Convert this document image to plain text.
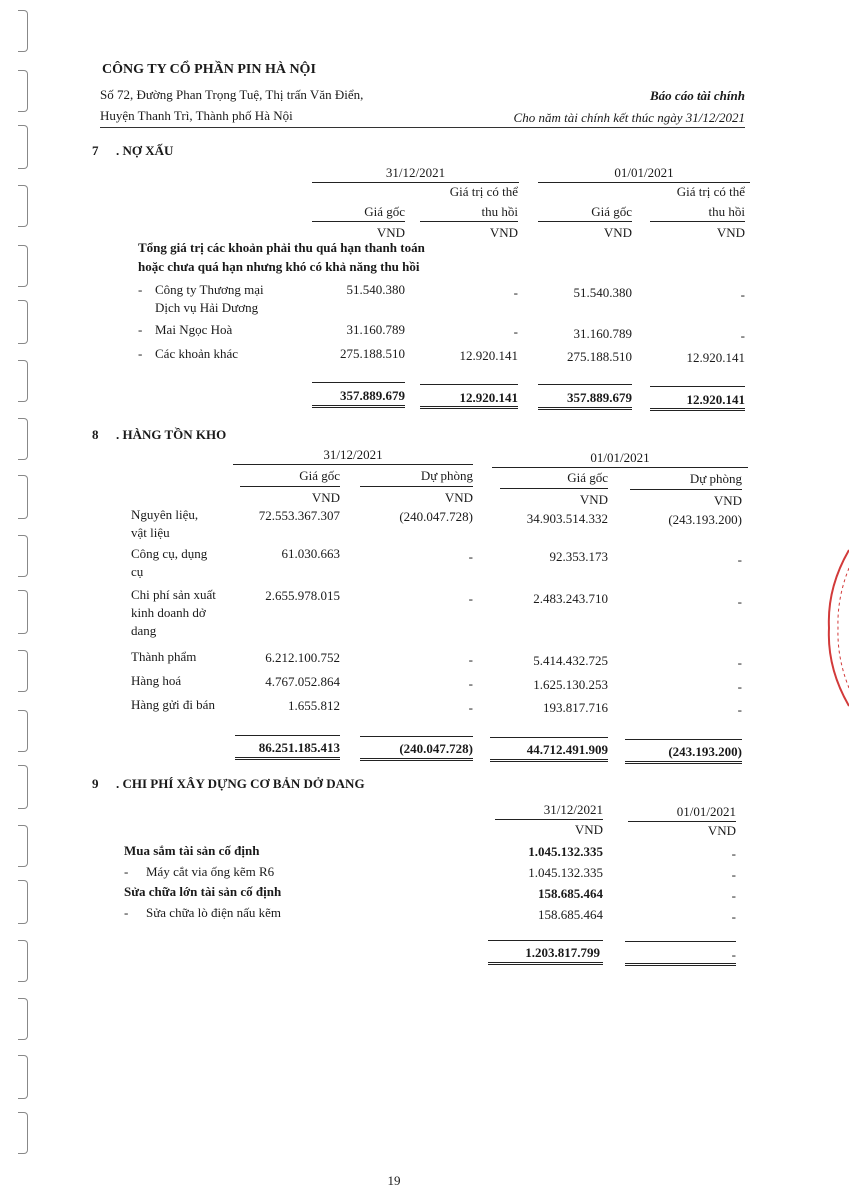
CÔNG TY CỔ PHẦN PIN HÀ NỘI
Số 72, Đường Phan Trọng Tuệ, Thị trấn Văn Điển,
Huyện Thanh Trì, Thành phố Hà Nội
Báo cáo tài chính
Cho năm tài chính kết thúc ngày 31/12/2021
7 . NỢ XẤU
31/12/2021	01/01/2021
Giá trị có thể	Giá trị có thể
Giá gốc	thu hồi	Giá gốc	thu hồi
VND	VND	VND	VND
Tổng giá trị các khoản phải thu quá hạn thanh toán
hoặc chưa quá hạn nhưng khó có khả năng thu hồi
- Công ty Thương mại
Dịch vụ Hải Dương
51.540.380	-	51.540.380	-
- Mai Ngọc Hoà	31.160.789	-	31.160.789	-
- Các khoản khác	275.188.510	12.920.141	275.188.510	12.920.141
357.889.679	12.920.141	357.889.679	12.920.141
8 . HÀNG TỒN KHO
31/12/2021	01/01/2021
Giá gốc	Dự phòng	Giá gốc	Dự phòng
VND	VND	VND	VND
Nguyên liệu,
vật liệu
72.553.367.307	(240.047.728)	34.903.514.332	(243.193.200)
Công cụ, dụng
cụ
61.030.663	-	92.353.173	-
Chi phí sản xuất
kinh doanh dở
dang
2.655.978.015	-	2.483.243.710	-
Thành phẩm	6.212.100.752	-	5.414.432.725	-
Hàng hoá	4.767.052.864	-	1.625.130.253	-
Hàng gửi đi bán	1.655.812	-	193.817.716	-
86.251.185.413	(240.047.728)	44.712.491.909	(243.193.200)
9 . CHI PHÍ XÂY DỰNG CƠ BẢN DỞ DANG
31/12/2021	01/01/2021
VND	VND
Mua sắm tài sản cố định	1.045.132.335	-
- Máy cắt via ống kẽm R6	1.045.132.335	-
Sửa chữa lớn tài sản cố định	158.685.464	-
- Sửa chữa lò điện nấu kẽm	158.685.464	-
1.203.817.799	-
19
